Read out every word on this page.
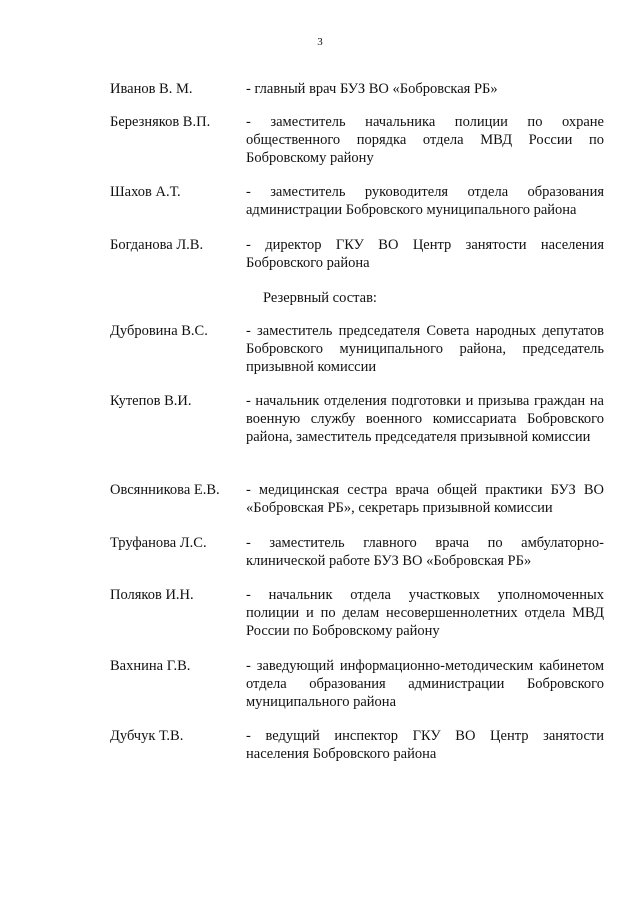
3
Иванов В. М.	- главный врач БУЗ ВО «Бобровская РБ»
Березняков В.П. - заместитель начальника полиции по охране общественного порядка отдела МВД России по Бобровскому району
Шахов А.Т.	- заместитель руководителя отдела образования администрации Бобровского муниципального района
Богданова Л.В.	- директор ГКУ ВО Центр занятости населения Бобровского района
Резервный состав:
Дубровина В.С.	- заместитель председателя Совета народных депутатов Бобровского муниципального района, председатель призывной комиссии
Кутепов В.И.	- начальник отделения подготовки и призыва граждан на военную службу военного комиссариата Бобровского района, заместитель председателя призывной комиссии
Овсянникова Е.В. - медицинская сестра врача общей практики БУЗ ВО «Бобровская РБ», секретарь призывной комиссии
Труфанова Л.С.	- заместитель главного врача по амбулаторно-клинической работе БУЗ ВО «Бобровская РБ»
Поляков И.Н.	- начальник отдела участковых уполномоченных полиции и по делам несовершеннолетних отдела МВД России по Бобровскому району
Вахнина Г.В.	- заведующий информационно-методическим кабинетом отдела образования администрации Бобровского муниципального района
Дубчук Т.В.	- ведущий инспектор ГКУ ВО Центр занятости населения Бобровского района
